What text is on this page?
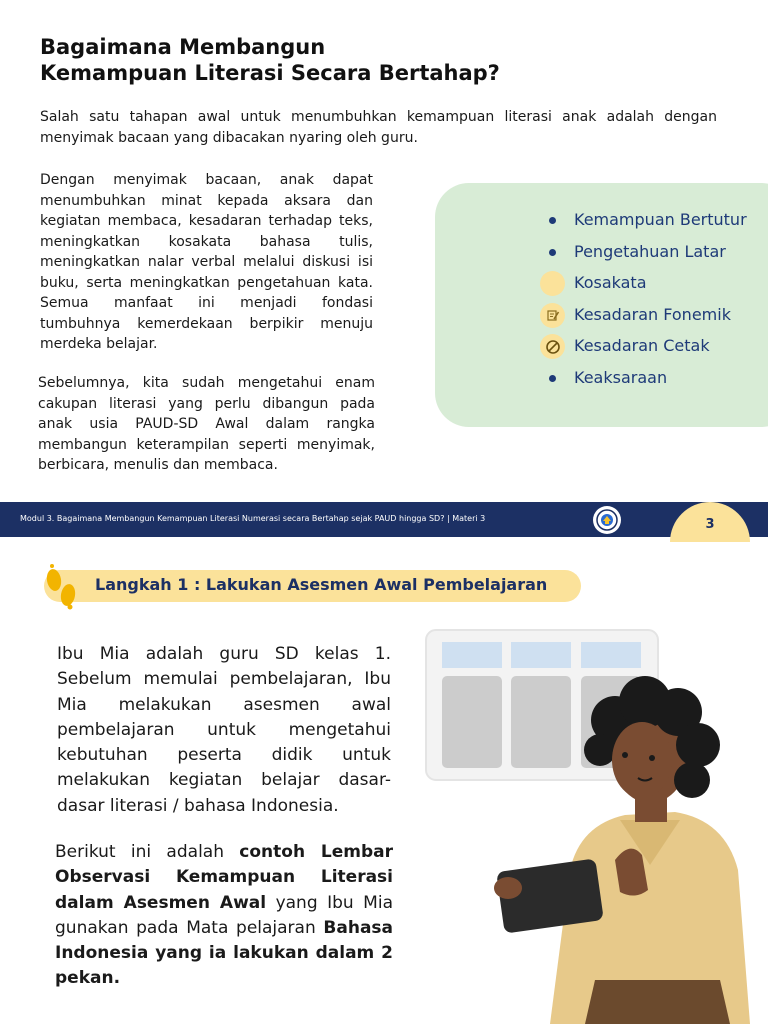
Bagaimana Membangun
Kemampuan Literasi Secara Bertahap?

Salah satu tahapan awal untuk menumbuhkan kemampuan literasi anak adalah dengan menyimak bacaan yang dibacakan nyaring oleh guru.

Dengan menyimak bacaan, anak dapat menumbuhkan minat kepada aksara dan kegiatan membaca, kesadaran terhadap teks, meningkatkan kosakata bahasa tulis, meningkatkan nalar verbal melalui diskusi isi buku, serta meningkatkan pengetahuan kata. Semua manfaat ini menjadi fondasi tumbuhnya kemerdekaan berpikir menuju merdeka belajar.

Sebelumnya, kita sudah mengetahui enam cakupan literasi yang perlu dibangun pada anak usia PAUD-SD Awal dalam rangka membangun keterampilan seperti menyimak, berbicara, menulis dan membaca.

Kemampuan Bertutur
Pengetahuan Latar
Kosakata
Kesadaran Fonemik
Kesadaran Cetak
Keaksaraan
Modul 3. Bagaimana Membangun Kemampuan Literasi Numerasi secara Bertahap sejak PAUD hingga SD? | Materi 3	3
Langkah 1 : Lakukan Asesmen Awal Pembelajaran

Ibu Mia adalah guru SD kelas 1. Sebelum memulai pembelajaran, Ibu Mia melakukan asesmen awal pembelajaran untuk mengetahui kebutuhan peserta didik untuk melakukan kegiatan belajar dasar-dasar literasi / bahasa Indonesia.

Berikut ini adalah contoh Lembar Observasi Kemampuan Literasi dalam Asesmen Awal yang Ibu Mia gunakan pada Mata pelajaran Bahasa Indonesia yang ia lakukan dalam 2 pekan.
